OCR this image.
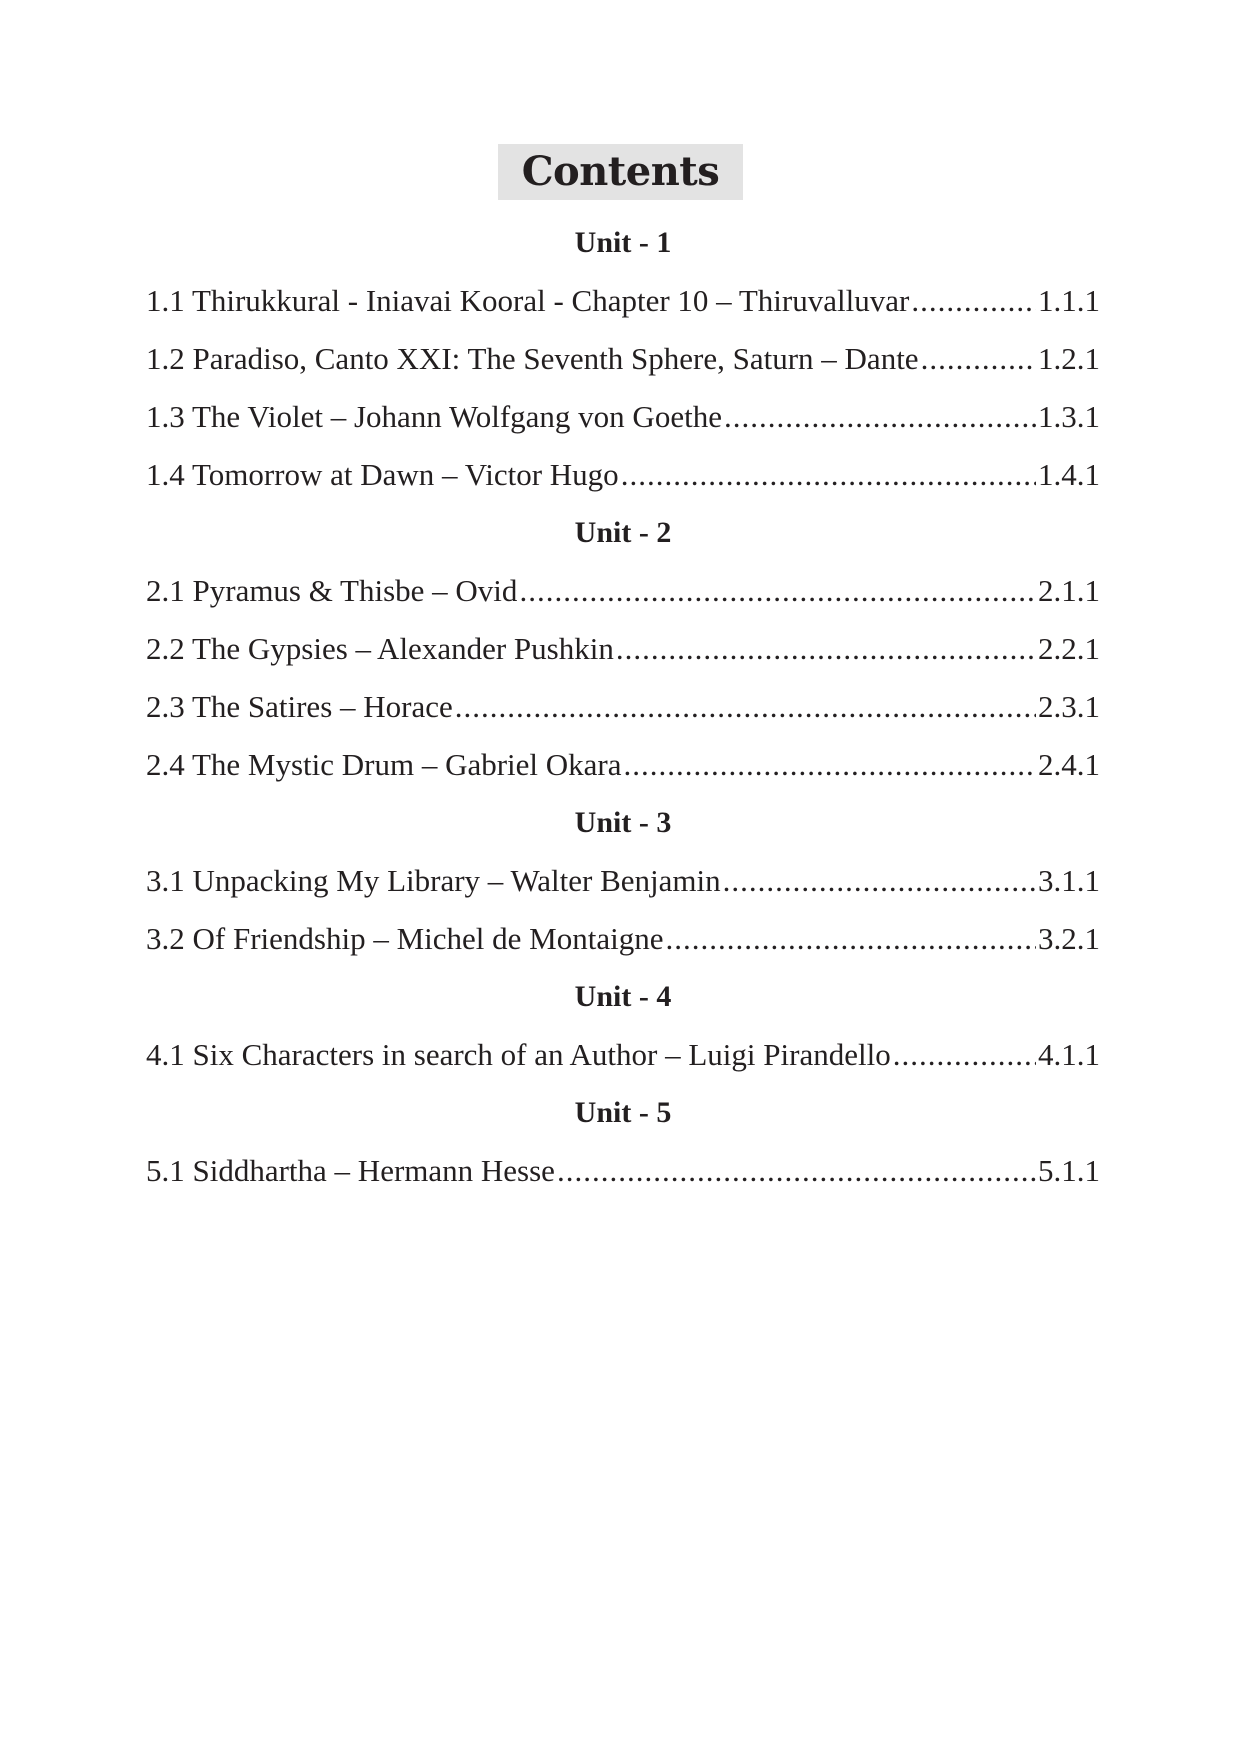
Contents
Unit - 1
1.1 Thirukkural - Iniavai Kooral - Chapter 10 – Thiruvalluvar .....	1.1.1
1.2 Paradiso, Canto XXI: The Seventh Sphere, Saturn – Dante .....	1.2.1
1.3 The Violet – Johann Wolfgang von Goethe .....	1.3.1
1.4 Tomorrow at Dawn – Victor Hugo .....	1.4.1
Unit - 2
2.1 Pyramus & Thisbe – Ovid .....	2.1.1
2.2 The Gypsies – Alexander Pushkin .....	2.2.1
2.3 The Satires – Horace .....	2.3.1
2.4 The Mystic Drum – Gabriel Okara .....	2.4.1
Unit - 3
3.1 Unpacking My Library – Walter Benjamin .....	3.1.1
3.2 Of Friendship – Michel de Montaigne .....	3.2.1
Unit - 4
4.1 Six Characters in search of an Author – Luigi Pirandello .....	4.1.1
Unit - 5
5.1 Siddhartha – Hermann Hesse .....	5.1.1
